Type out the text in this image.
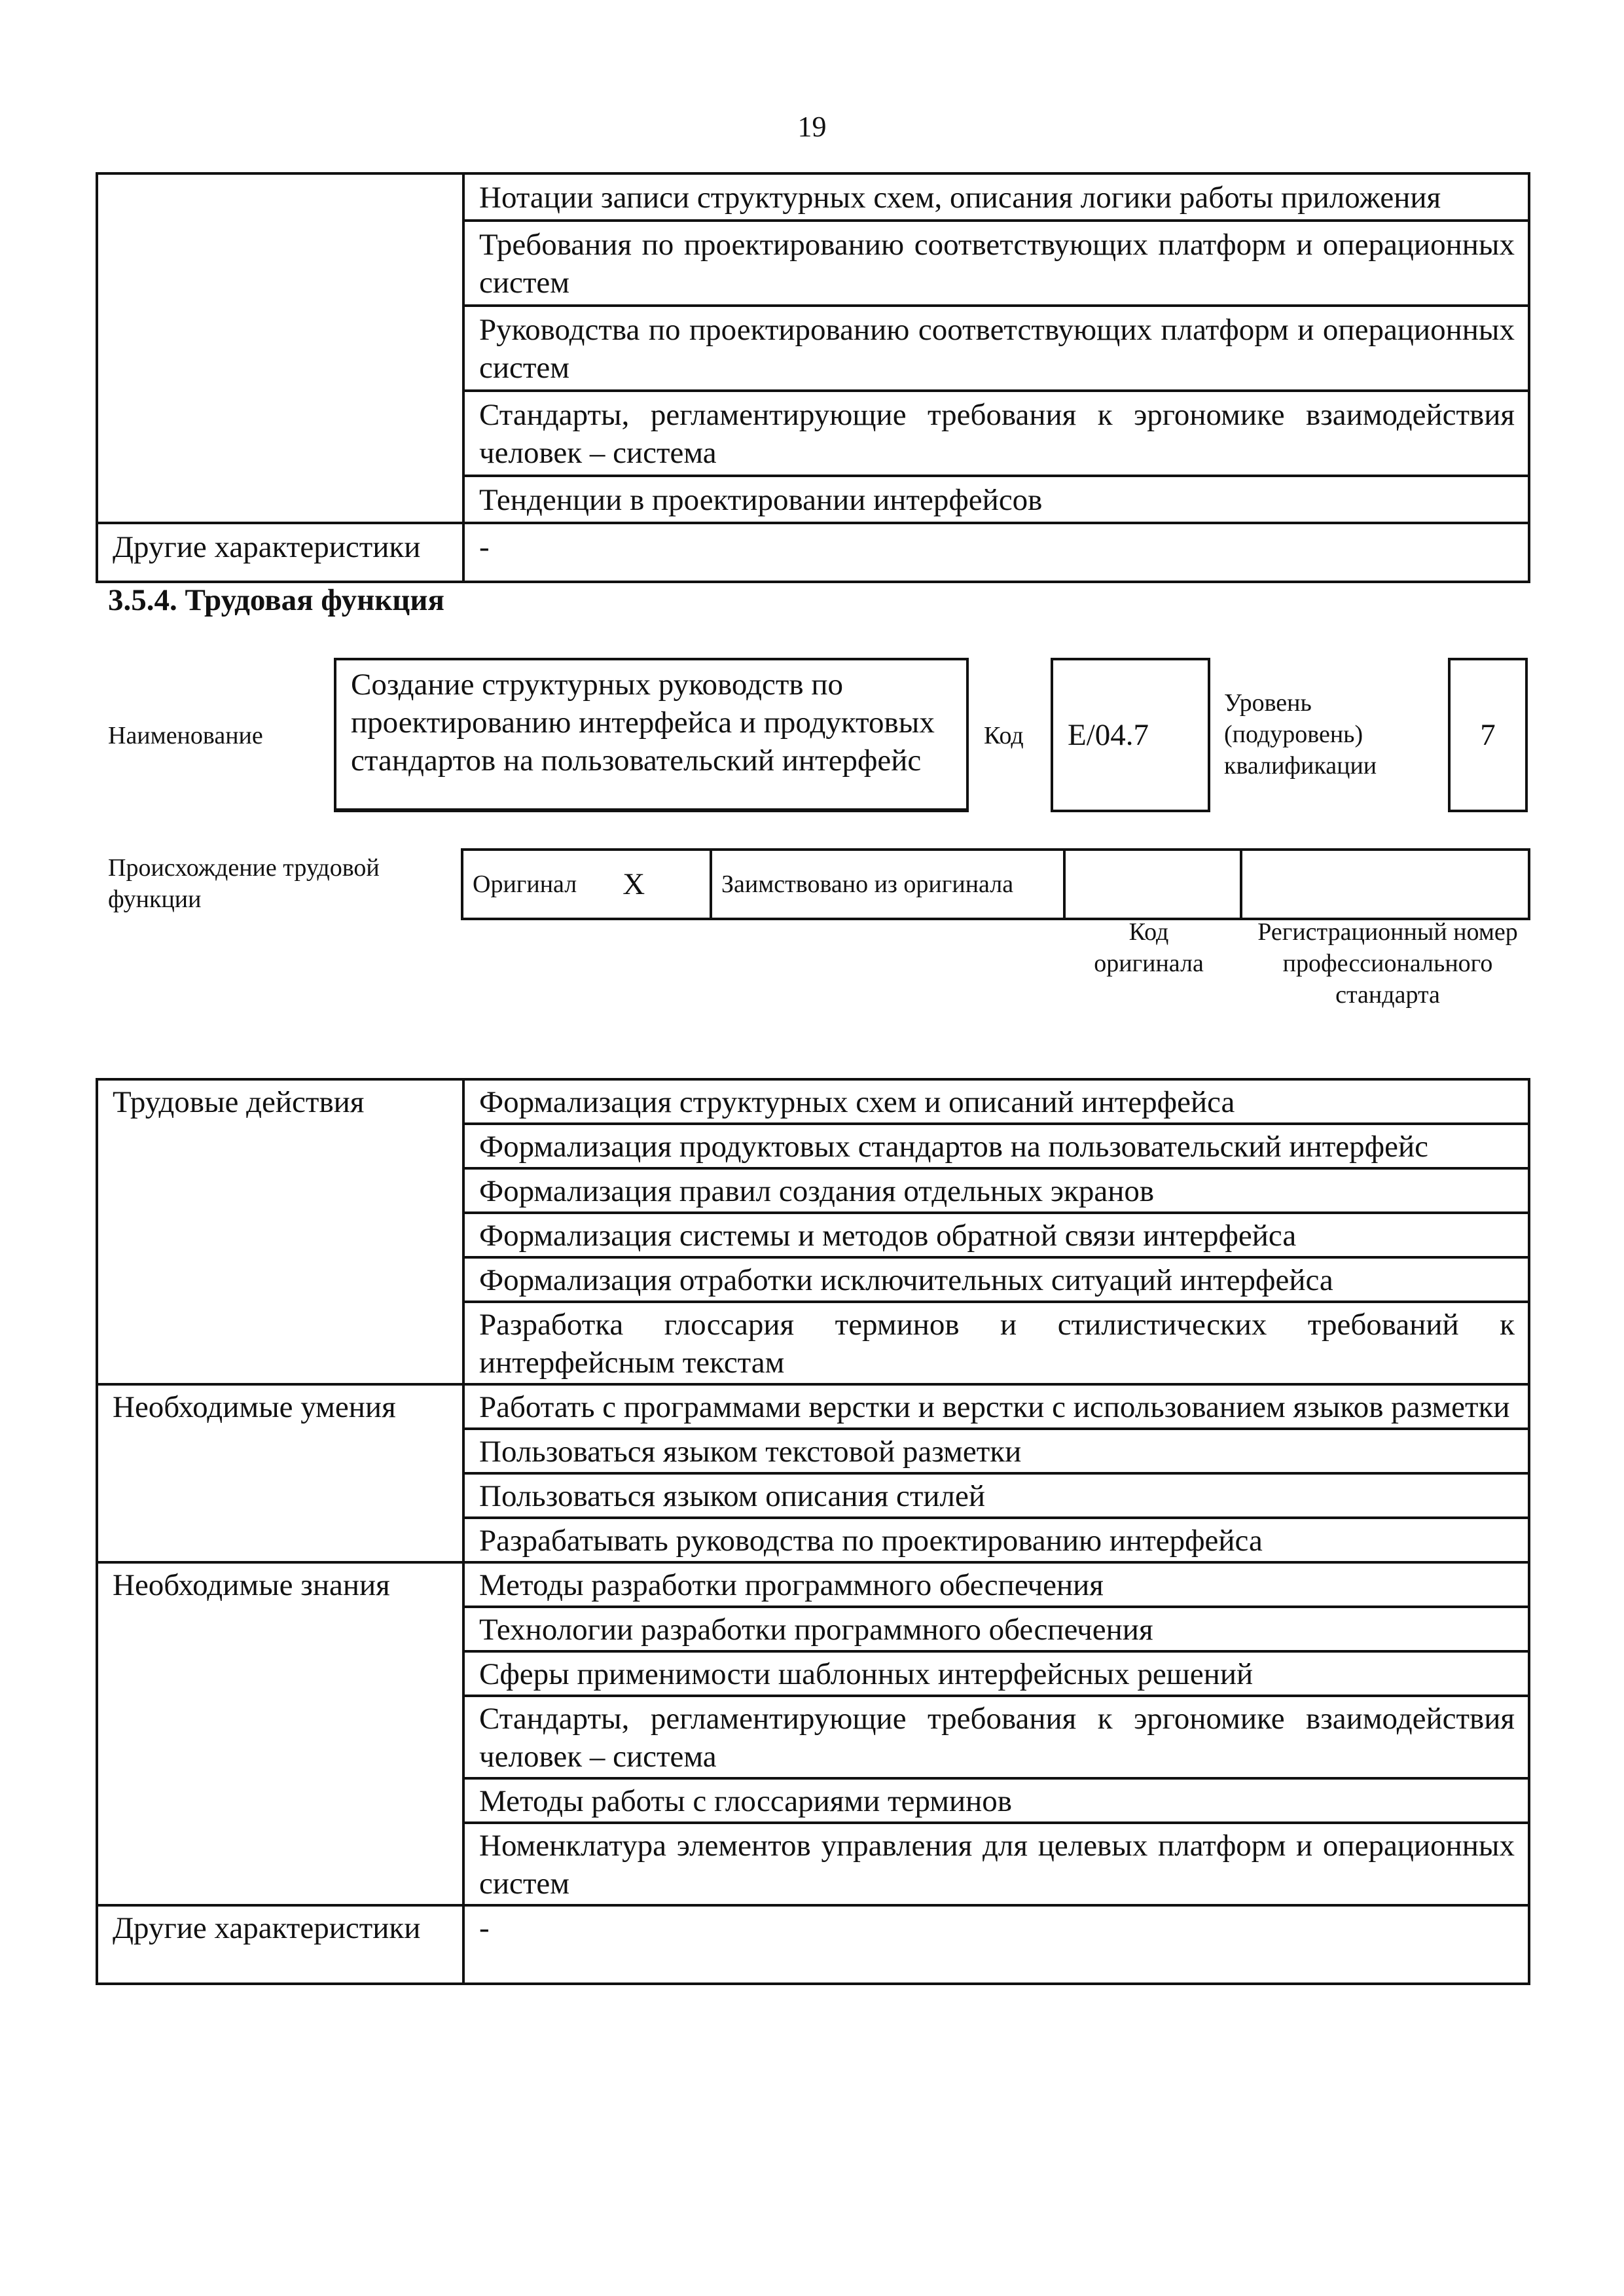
19
	Нотации записи структурных схем, описания логики работы приложения
	Требования по проектированию соответствующих платформ и операционных систем
	Руководства по проектированию соответствующих платформ и операционных систем
	Стандарты, регламентирующие требования к эргономике взаимодействия человек – система
	Тенденции в проектировании интерфейсов
Другие характеристики	-
3.5.4. Трудовая функция
Наименование
Создание структурных руководств по проектированию интерфейса и продуктовых стандартов на пользовательский интерфейс
Код	E/04.7
Уровень (подуровень) квалификации
7
Происхождение трудовой функции
Оригинал X	Заимствовано из оригинала		
Код оригинала
Регистрационный номер профессионального стандарта
Трудовые действия	Формализация структурных схем и описаний интерфейса
	Формализация продуктовых стандартов на пользовательский интерфейс
	Формализация правил создания отдельных экранов
	Формализация системы и методов обратной связи интерфейса
	Формализация отработки исключительных ситуаций интерфейса
	Разработка глоссария терминов и стилистических требований к интерфейсным текстам
Необходимые умения	Работать с программами верстки и верстки с использованием языков разметки
	Пользоваться языком текстовой разметки
	Пользоваться языком описания стилей
	Разрабатывать руководства по проектированию интерфейса
Необходимые знания	Методы разработки программного обеспечения
	Технологии разработки программного обеспечения
	Сферы применимости шаблонных интерфейсных решений
	Стандарты, регламентирующие требования к эргономике взаимодействия человек – система
	Методы работы с глоссариями терминов
	Номенклатура элементов управления для целевых платформ и операционных систем
Другие характеристики	-
